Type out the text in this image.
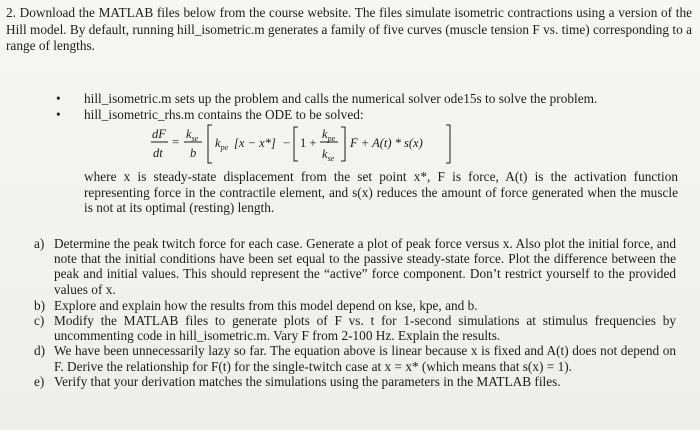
2. Download the MATLAB files below from the course website. The files simulate isometric contractions using a version of the Hill model. By default, running hill_isometric.m generates a family of five curves (muscle tension F vs. time) corresponding to a range of lengths.
• hill_isometric.m sets up the problem and calls the numerical solver ode15s to solve the problem.
• hill_isometric_rhs.m contains the ODE to be solved:
dF
dt
=
$k_{se}$
b
$k_{pe}$ [x − x*] − 1 +
$k_{pe}$
$k_{se}$
F + A(t) * s(x)
where x is steady-state displacement from the set point x*, F is force, A(t) is the activation function representing force in the contractile element, and s(x) reduces the amount of force generated when the muscle is not at its optimal (resting) length.
a) Determine the peak twitch force for each case. Generate a plot of peak force versus x. Also plot the initial force, and note that the initial conditions have been set equal to the passive steady-state force. Plot the difference between the peak and initial values. This should represent the “active” force component. Don’t restrict yourself to the provided values of x.
b) Explore and explain how the results from this model depend on kse, kpe, and b.
c) Modify the MATLAB files to generate plots of F vs. t for 1-second simulations at stimulus frequencies by uncommenting code in hill_isometric.m. Vary F from 2-100 Hz. Explain the results.
d) We have been unnecessarily lazy so far. The equation above is linear because x is fixed and A(t) does not depend on F. Derive the relationship for F(t) for the single-twitch case at x = x* (which means that s(x) = 1).
e) Verify that your derivation matches the simulations using the parameters in the MATLAB files.
